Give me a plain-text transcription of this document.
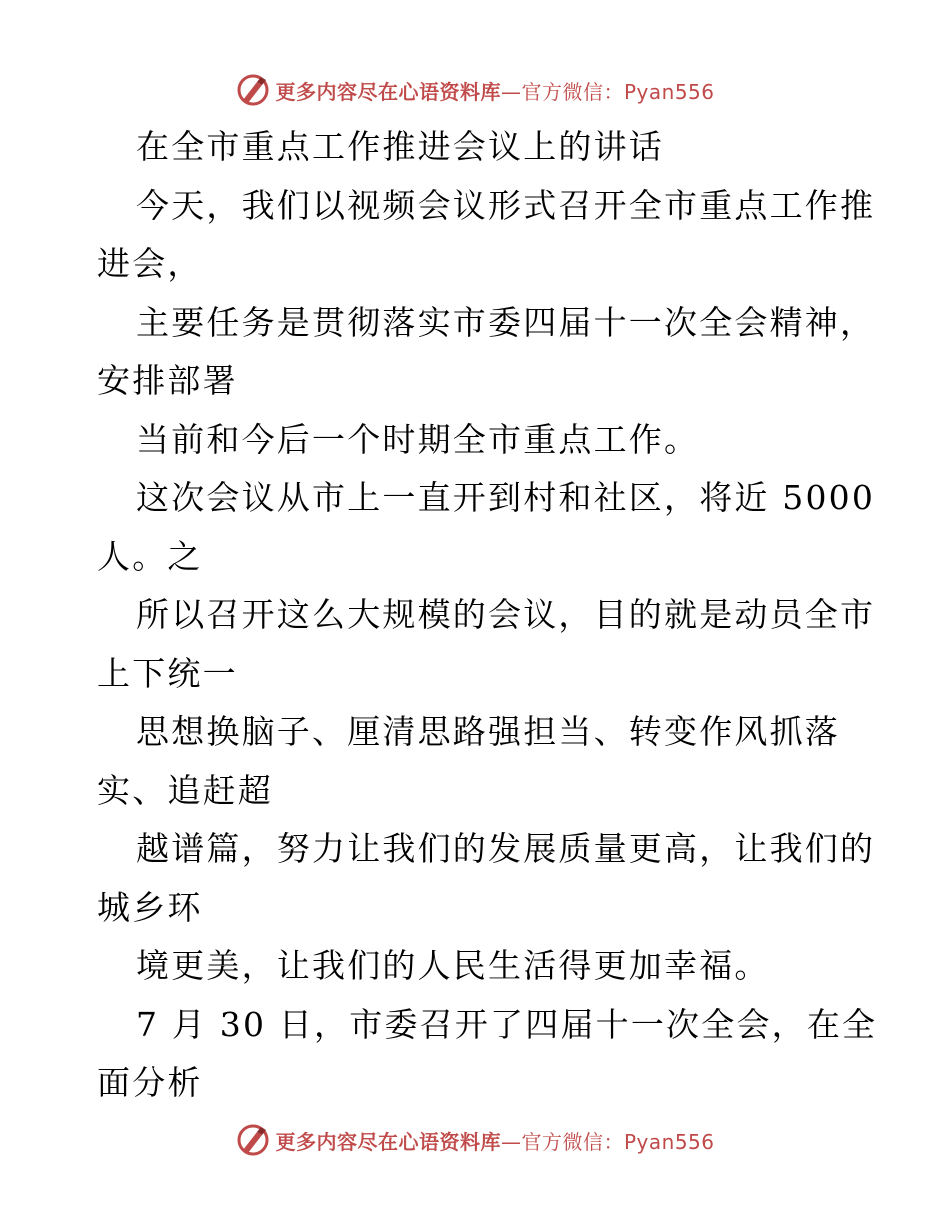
更多内容尽在心语资料库—官方微信：Pyan556
在全市重点工作推进会议上的讲话
今天，我们以视频会议形式召开全市重点工作推
进会，
主要任务是贯彻落实市委四届十一次全会精神，
安排部署
当前和今后一个时期全市重点工作。
这次会议从市上一直开到村和社区，将近 5000
人。之
所以召开这么大规模的会议，目的就是动员全市
上下统一
思想换脑子、厘清思路强担当、转变作风抓落
实、追赶超
越谱篇，努力让我们的发展质量更高，让我们的
城乡环
境更美，让我们的人民生活得更加幸福。
7 月 30 日，市委召开了四届十一次全会，在全
面分析
更多内容尽在心语资料库—官方微信：Pyan556
